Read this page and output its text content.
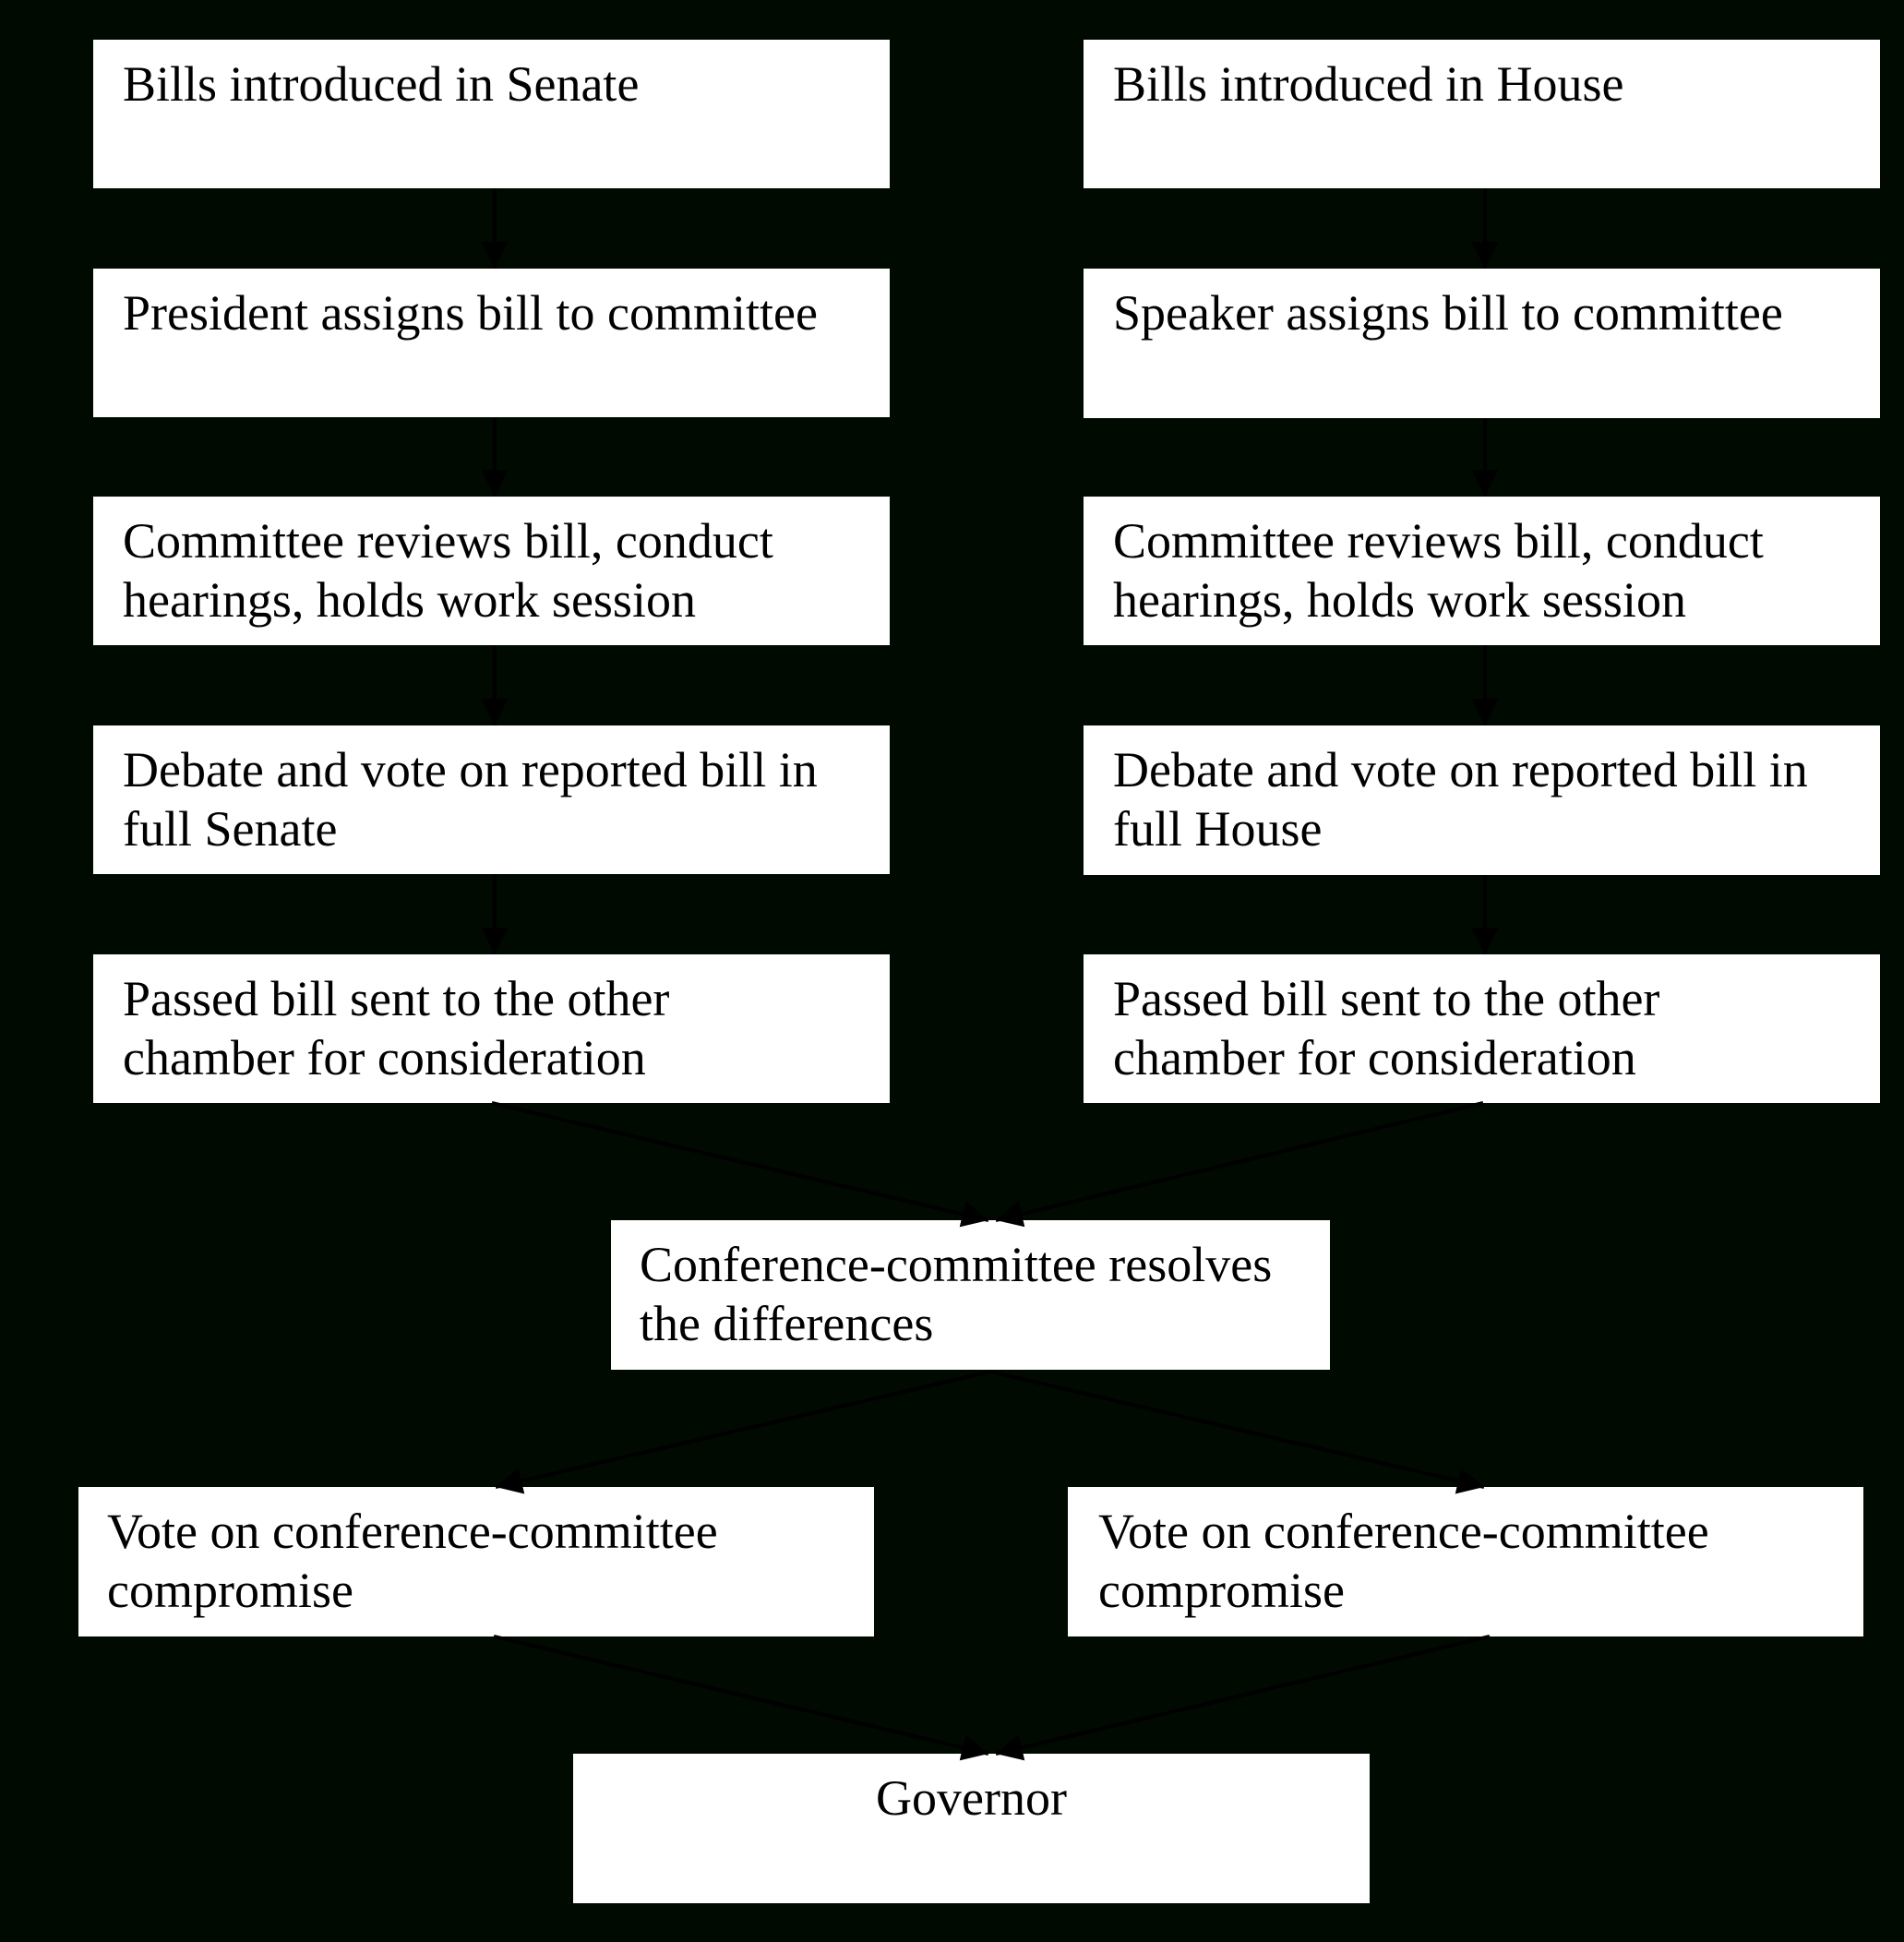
Bills introduced in Senate
President assigns bill to committee
Committee reviews bill, conduct
hearings, holds work session
Debate and vote on reported bill in
full Senate
Passed bill sent to the other
chamber for consideration
Bills introduced in House
Speaker assigns bill to committee
Committee reviews bill, conduct
hearings, holds work session
Debate and vote on reported bill in
full House
Passed bill sent to the other
chamber for consideration
Conference-committee resolves
the differences
Vote on conference-committee
compromise
Vote on conference-committee
compromise
Governor
